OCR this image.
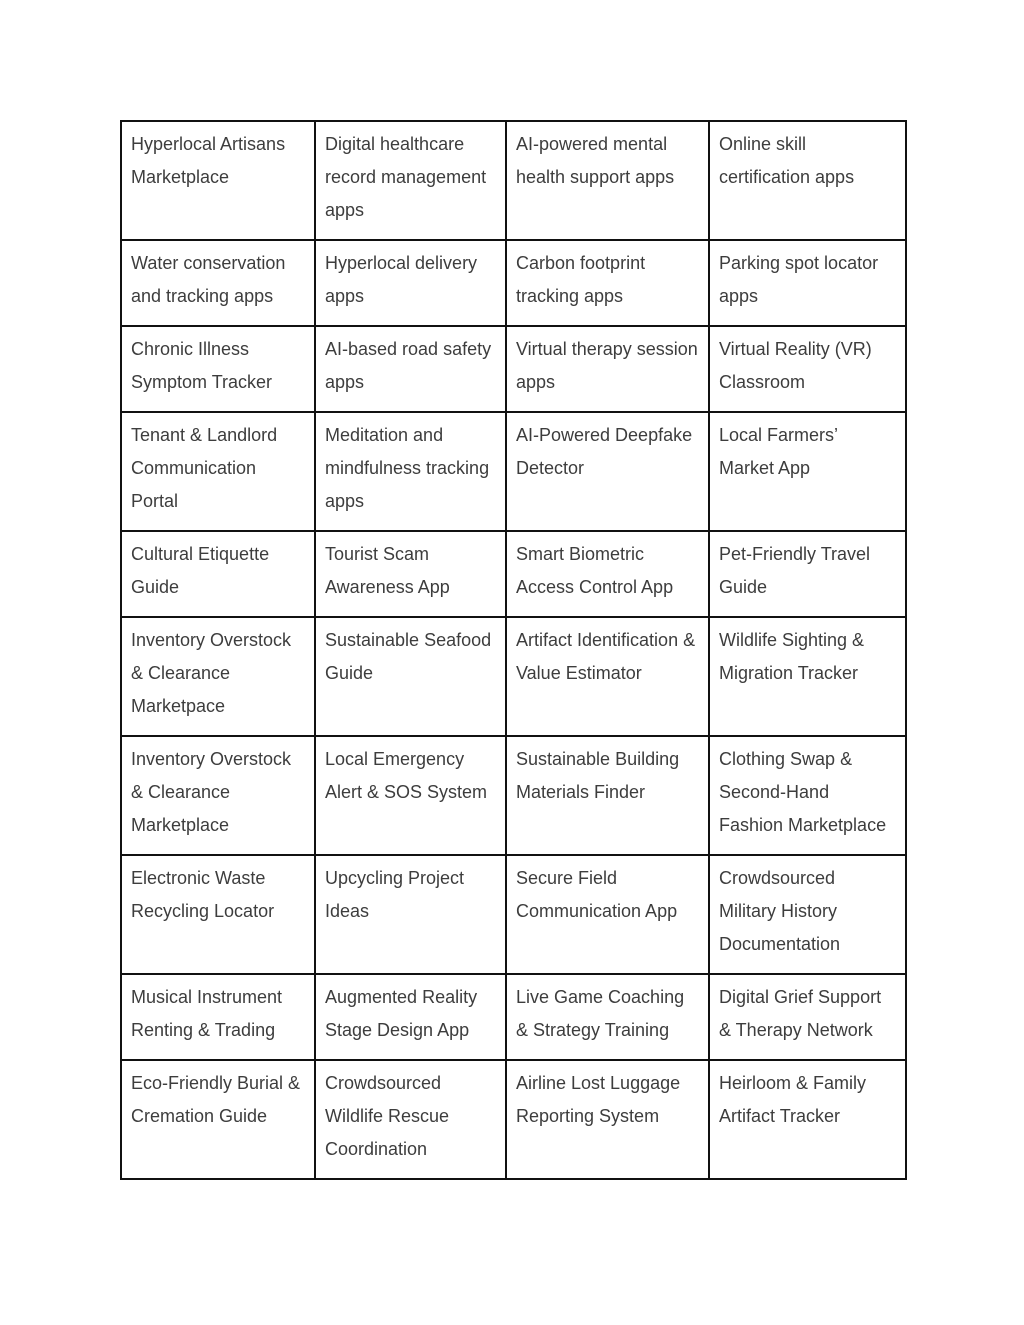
Hyperlocal Artisans Marketplace	Digital healthcare record management apps	AI-powered mental health support apps	Online skill certification apps
Water conservation and tracking apps	Hyperlocal delivery apps	Carbon footprint tracking apps	Parking spot locator apps
Chronic Illness Symptom Tracker	AI-based road safety apps	Virtual therapy session apps	Virtual Reality (VR) Classroom
Tenant & Landlord Communication Portal	Meditation and mindfulness tracking apps	AI-Powered Deepfake Detector	Local Farmers’ Market App
Cultural Etiquette Guide	Tourist Scam Awareness App	Smart Biometric Access Control App	Pet-Friendly Travel Guide
Inventory Overstock & Clearance Marketpace	Sustainable Seafood Guide	Artifact Identification & Value Estimator	Wildlife Sighting & Migration Tracker
Inventory Overstock & Clearance Marketplace	Local Emergency Alert & SOS System	Sustainable Building Materials Finder	Clothing Swap & Second-Hand Fashion Marketplace
Electronic Waste Recycling Locator	Upcycling Project Ideas	Secure Field Communication App	Crowdsourced Military History Documentation
Musical Instrument Renting & Trading	Augmented Reality Stage Design App	Live Game Coaching & Strategy Training	Digital Grief Support & Therapy Network
Eco-Friendly Burial & Cremation Guide	Crowdsourced Wildlife Rescue Coordination	Airline Lost Luggage Reporting System	Heirloom & Family Artifact Tracker
